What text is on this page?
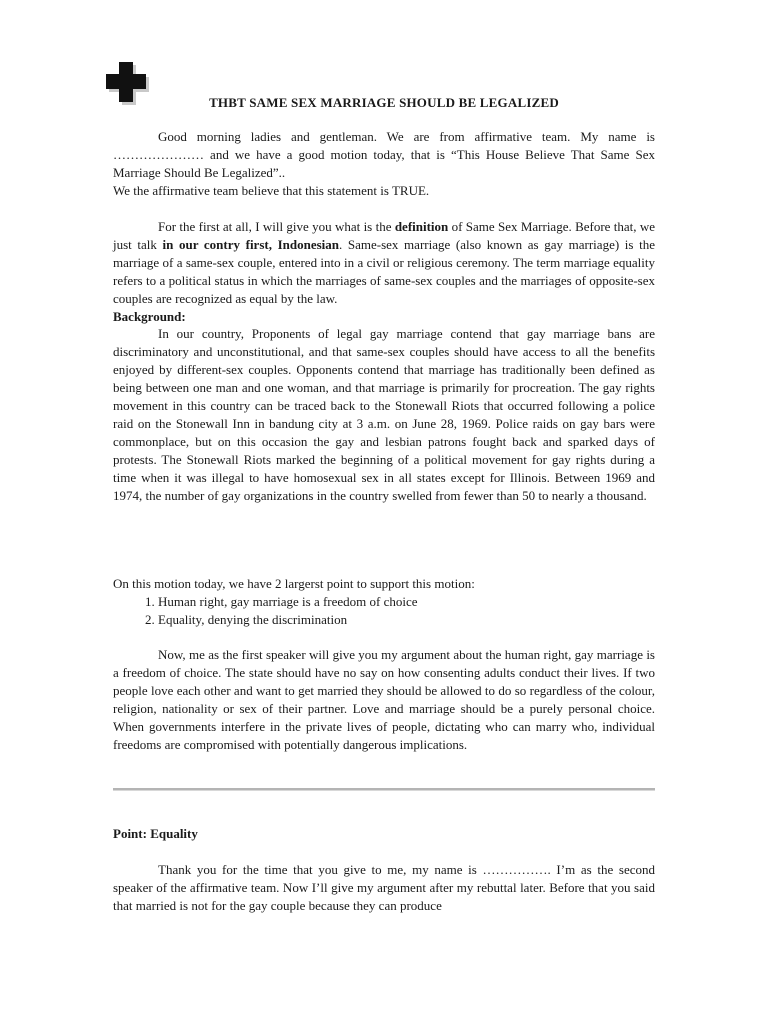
THBT SAME SEX MARRIAGE SHOULD BE LEGALIZED

Good morning ladies and gentleman. We are from affirmative team. My name is ………………… and we have a good motion today, that is “This House Believe That Same Sex Marriage Should Be Legalized”..

We the affirmative team believe that this statement is TRUE.

For the first at all, I will give you what is the definition of Same Sex Marriage. Before that, we just talk in our contry first, Indonesian. Same-sex marriage (also known as gay marriage) is the marriage of a same-sex couple, entered into in a civil or religious ceremony. The term marriage equality refers to a political status in which the marriages of same-sex couples and the marriages of opposite-sex couples are recognized as equal by the law.

Background:

In our country, Proponents of legal gay marriage contend that gay marriage bans are discriminatory and unconstitutional, and that same-sex couples should have access to all the benefits enjoyed by different-sex couples. Opponents contend that marriage has traditionally been defined as being between one man and one woman, and that marriage is primarily for procreation. The gay rights movement in this country can be traced back to the Stonewall Riots that occurred following a police raid on the Stonewall Inn in bandung city at 3 a.m. on June 28, 1969. Police raids on gay bars were commonplace, but on this occasion the gay and lesbian patrons fought back and sparked days of protests. The Stonewall Riots marked the beginning of a political movement for gay rights during a time when it was illegal to have homosexual sex in all states except for Illinois. Between 1969 and 1974, the number of gay organizations in the country swelled from fewer than 50 to nearly a thousand.

On this motion today, we have 2 largerst point to support this motion:

1. Human right, gay marriage is a freedom of choice
2. Equality, denying the discrimination

Now, me as the first speaker will give you my argument about the human right, gay marriage is a freedom of choice. The state should have no say on how consenting adults conduct their lives. If two people love each other and want to get married they should be allowed to do so regardless of the colour, religion, nationality or sex of their partner. Love and marriage should be a purely personal choice. When governments interfere in the private lives of people, dictating who can marry who, individual freedoms are compromised with potentially dangerous implications.

Point: Equality

Thank you for the time that you give to me, my name is ……………. I’m as the second speaker of the affirmative team. Now I’ll give my argument after my rebuttal later. Before that you said that married is not for the gay couple because they can produce
